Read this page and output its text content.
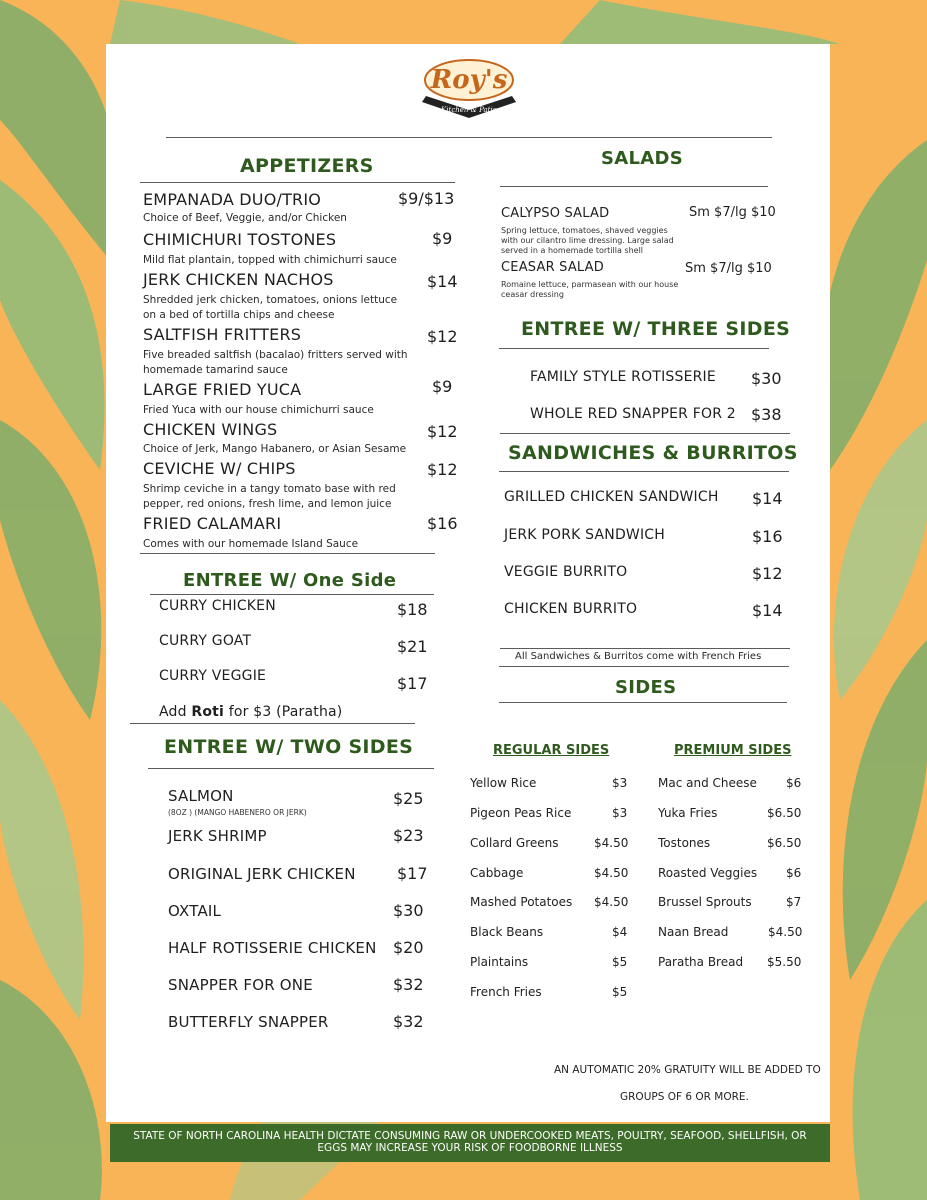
Roy's
Kitchen & Patio
APPETIZERS
EMPANADA DUO/TRIO	$9/$13
Choice of Beef, Veggie, and/or Chicken
CHIMICHURI TOSTONES	$9
Mild flat plantain, topped with chimichurri sauce
JERK CHICKEN NACHOS	$14
Shredded jerk chicken, tomatoes, onions lettuce
on a bed of tortilla chips and cheese
SALTFISH FRITTERS	$12
Five breaded saltfish (bacalao) fritters served with
homemade tamarind sauce
LARGE FRIED YUCA	$9
Fried Yuca with our house chimichurri sauce
CHICKEN WINGS	$12
Choice of Jerk, Mango Habanero, or Asian Sesame
CEVICHE W/ CHIPS	$12
Shrimp ceviche in a tangy tomato base with red
pepper, red onions, fresh lime, and lemon juice
FRIED CALAMARI	$16
Comes with our homemade Island Sauce
ENTREE W/ One Side
CURRY CHICKEN	$18
CURRY GOAT	$21
CURRY VEGGIE	$17
Add Roti for $3 (Paratha)
ENTREE W/ TWO SIDES
SALMON
(8OZ ) (MANGO HABENERO OR JERK)
$25
JERK SHRIMP	$23
ORIGINAL JERK CHICKEN	$17
OXTAIL	$30
HALF ROTISSERIE CHICKEN $20
SNAPPER FOR ONE	$32
BUTTERFLY SNAPPER	$32
SALADS
CALYPSO SALAD	Sm $7/lg $10
Spring lettuce, tomatoes, shaved veggies
with our cilantro lime dressing. Large salad
served in a homemade tortilla shell
CEASAR SALAD	Sm $7/lg $10
Romaine lettuce, parmasean with our house
ceasar dressing
ENTREE W/ THREE SIDES
FAMILY STYLE ROTISSERIE $30
WHOLE RED SNAPPER FOR 2 $38
SANDWICHES & BURRITOS
GRILLED CHICKEN SANDWICH $14
JERK PORK SANDWICH	$16
VEGGIE BURRITO	$12
CHICKEN BURRITO	$14
All Sandwiches & Burritos come with French Fries
SIDES
REGULAR SIDES
Yellow Rice	$3
Pigeon Peas Rice	$3
Collard Greens	$4.50
Cabbage	$4.50
Mashed Potatoes $4.50
Black Beans	$4
Plaintains	$5
French Fries	$5
PREMIUM SIDES
Mac and Cheese $6
Yuka Fries	$6.50
Tostones	$6.50
Roasted Veggies $6
Brussel Sprouts	$7
Naan Bread	$4.50
Paratha Bread $5.50
AN AUTOMATIC 20% GRATUITY WILL BE ADDED TO
GROUPS OF 6 OR MORE.
STATE OF NORTH CAROLINA HEALTH DICTATE CONSUMING RAW OR UNDERCOOKED MEATS, POULTRY, SEAFOOD, SHELLFISH, OR
EGGS MAY INCREASE YOUR RISK OF FOODBORNE ILLNESS
